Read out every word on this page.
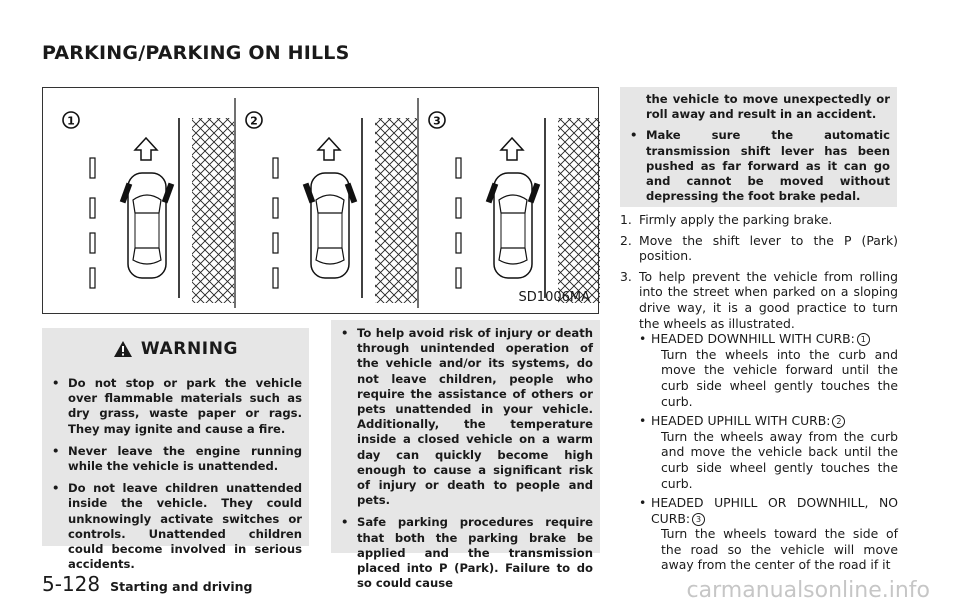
PARKING/PARKING ON HILLS
1	2	3
SD1006MA
WARNING
• Do not stop or park the vehicle over flammable materials such as dry grass, waste paper or rags. They may ignite and cause a fire.
• Never leave the engine running while the vehicle is unattended.
• Do not leave children unattended inside the vehicle. They could unknowingly activate switches or controls. Unattended children could become involved in serious accidents.
• To help avoid risk of injury or death through unintended operation of the vehicle and/or its systems, do not leave children, people who require the assistance of others or pets unattended in your vehicle. Additionally, the temperature inside a closed vehicle on a warm day can quickly become high enough to cause a significant risk of injury or death to people and pets.
• Safe parking procedures require that both the parking brake be applied and the transmission placed into P (Park). Failure to do so could cause
the vehicle to move unexpectedly or roll away and result in an accident.
• Make sure the automatic transmission shift lever has been pushed as far forward as it can go and cannot be moved without depressing the foot brake pedal.
1. Firmly apply the parking brake.
2. Move the shift lever to the P (Park) position.
3. To help prevent the vehicle from rolling into the street when parked on a sloping drive way, it is a good practice to turn the wheels as illustrated.
• HEADED DOWNHILL WITH CURB: 1
Turn the wheels into the curb and move the vehicle forward until the curb side wheel gently touches the curb.
• HEADED UPHILL WITH CURB: 2
Turn the wheels away from the curb and move the vehicle back until the curb side wheel gently touches the curb.
• HEADED UPHILL OR DOWNHILL, NO CURB: 3
Turn the wheels toward the side of the road so the vehicle will move away from the center of the road if it
5-128 Starting and driving	carmanualsonline.info
